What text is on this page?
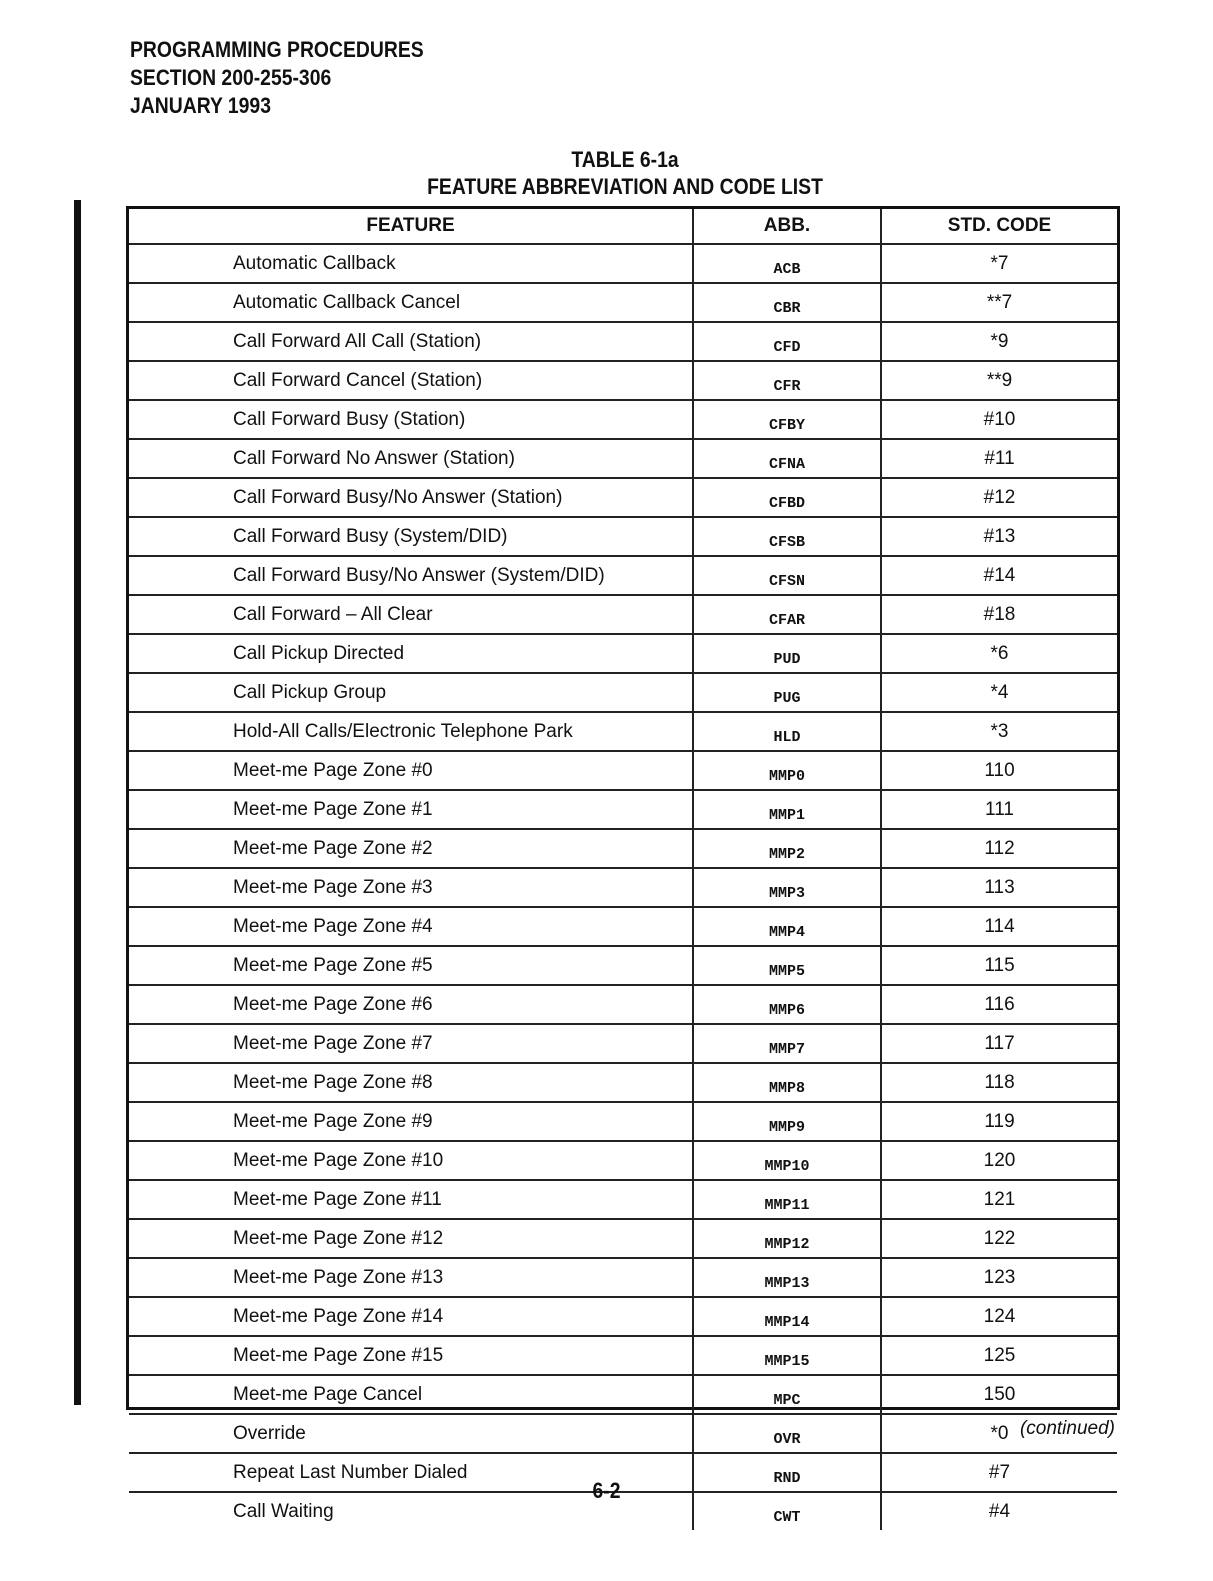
PROGRAMMING PROCEDURES
SECTION 200-255-306
JANUARY 1993
TABLE 6-1a
FEATURE ABBREVIATION AND CODE LIST
FEATURE	ABB.	STD. CODE
Automatic Callback	ACB	*7
Automatic Callback Cancel	CBR	**7
Call Forward All Call (Station)	CFD	*9
Call Forward Cancel (Station)	CFR	**9
Call Forward Busy (Station)	CFBY	#10
Call Forward No Answer (Station)	CFNA	#11
Call Forward Busy/No Answer (Station)	CFBD	#12
Call Forward Busy (System/DID)	CFSB	#13
Call Forward Busy/No Answer (System/DID)	CFSN	#14
Call Forward – All Clear	CFAR	#18
Call Pickup Directed	PUD	*6
Call Pickup Group	PUG	*4
Hold-All Calls/Electronic Telephone Park	HLD	*3
Meet-me Page Zone #0	MMP0	110
Meet-me Page Zone #1	MMP1	111
Meet-me Page Zone #2	MMP2	112
Meet-me Page Zone #3	MMP3	113
Meet-me Page Zone #4	MMP4	114
Meet-me Page Zone #5	MMP5	115
Meet-me Page Zone #6	MMP6	116
Meet-me Page Zone #7	MMP7	117
Meet-me Page Zone #8	MMP8	118
Meet-me Page Zone #9	MMP9	119
Meet-me Page Zone #10	MMP10	120
Meet-me Page Zone #11	MMP11	121
Meet-me Page Zone #12	MMP12	122
Meet-me Page Zone #13	MMP13	123
Meet-me Page Zone #14	MMP14	124
Meet-me Page Zone #15	MMP15	125
Meet-me Page Cancel	MPC	150
Override	OVR	*0
Repeat Last Number Dialed	RND	#7
Call Waiting	CWT	#4
(continued)
6-2
